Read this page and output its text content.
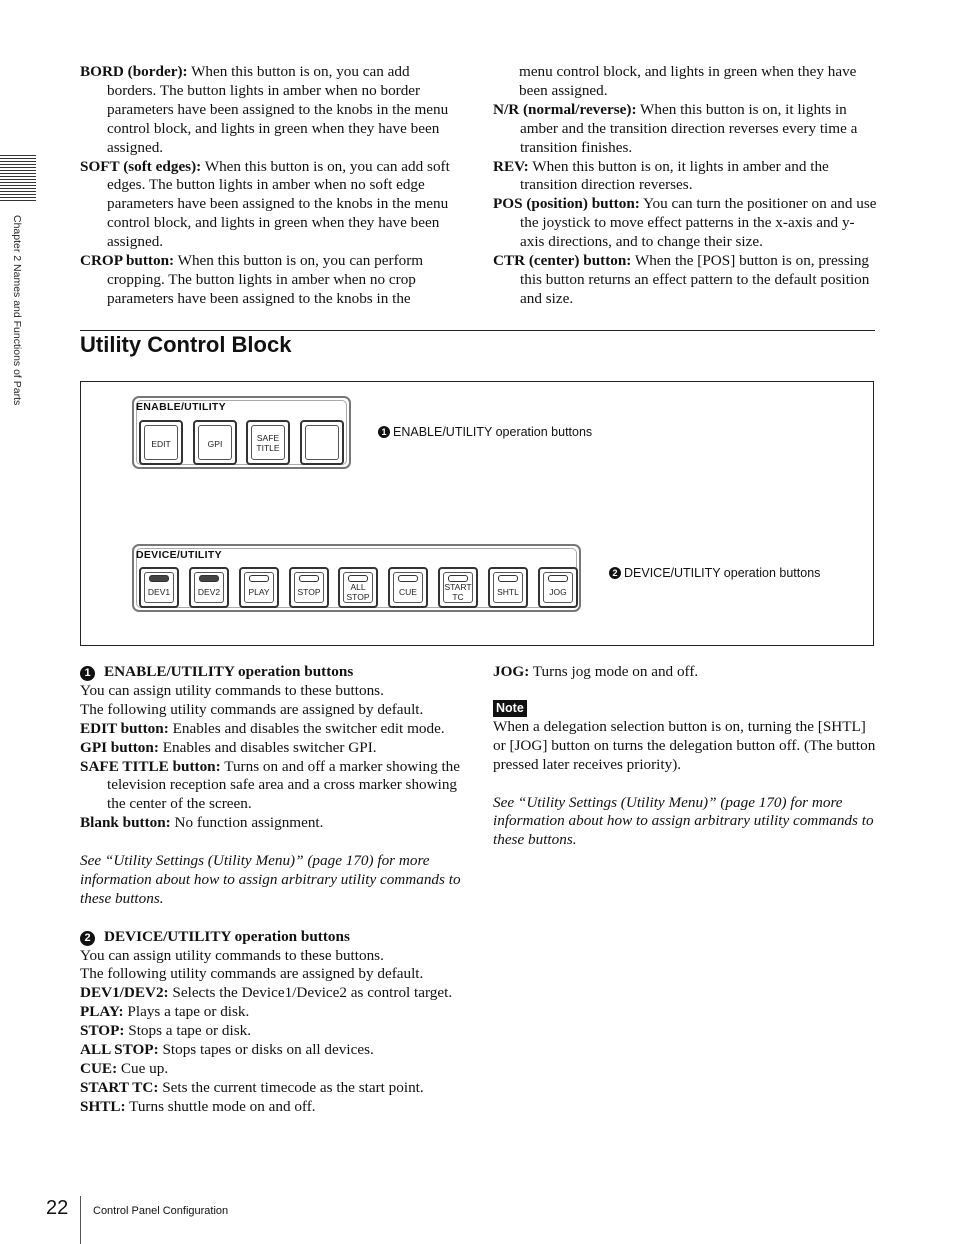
Chapter 2 Names and Functions of Parts

BORD (border): When this button is on, you can add borders. The button lights in amber when no border parameters have been assigned to the knobs in the menu control block, and lights in green when they have been assigned.

SOFT (soft edges): When this button is on, you can add soft edges. The button lights in amber when no soft edge parameters have been assigned to the knobs in the menu control block, and lights in green when they have been assigned.

CROP button: When this button is on, you can perform cropping. The button lights in amber when no crop parameters have been assigned to the knobs in the

menu control block, and lights in green when they have been assigned.

N/R (normal/reverse): When this button is on, it lights in amber and the transition direction reverses every time a transition finishes.

REV: When this button is on, it lights in amber and the transition direction reverses.

POS (position) button: You can turn the positioner on and use the joystick to move effect patterns in the x-axis and y-axis directions, and to change their size.

CTR (center) button: When the [POS] button is on, pressing this button returns an effect pattern to the default position and size.

Utility Control Block
ENABLE/UTILITY
EDIT	GPI
SAFE
TITLE
1 ENABLE/UTILITY operation buttons
DEVICE/UTILITY
DEV1	DEV2	PLAY	STOP	ALL
STOP	CUE	START
TC	SHTL	JOG
2 DEVICE/UTILITY operation buttons

1 ENABLE/UTILITY operation buttons

You can assign utility commands to these buttons.

The following utility commands are assigned by default.

EDIT button: Enables and disables the switcher edit mode.

GPI button: Enables and disables switcher GPI.

SAFE TITLE button: Turns on and off a marker showing the television reception safe area and a cross marker showing the center of the screen.

Blank button: No function assignment.

See “Utility Settings (Utility Menu)” (page 170) for more information about how to assign arbitrary utility commands to these buttons.

2 DEVICE/UTILITY operation buttons

You can assign utility commands to these buttons.

The following utility commands are assigned by default.

DEV1/DEV2: Selects the Device1/Device2 as control target.

PLAY: Plays a tape or disk.

STOP: Stops a tape or disk.

ALL STOP: Stops tapes or disks on all devices.

CUE: Cue up.

START TC: Sets the current timecode as the start point.

SHTL: Turns shuttle mode on and off.

JOG: Turns jog mode on and off.

Note

When a delegation selection button is on, turning the [SHTL] or [JOG] button on turns the delegation button off. (The button pressed later receives priority).

See “Utility Settings (Utility Menu)” (page 170) for more information about how to assign arbitrary utility commands to these buttons.

22 Control Panel Configuration
